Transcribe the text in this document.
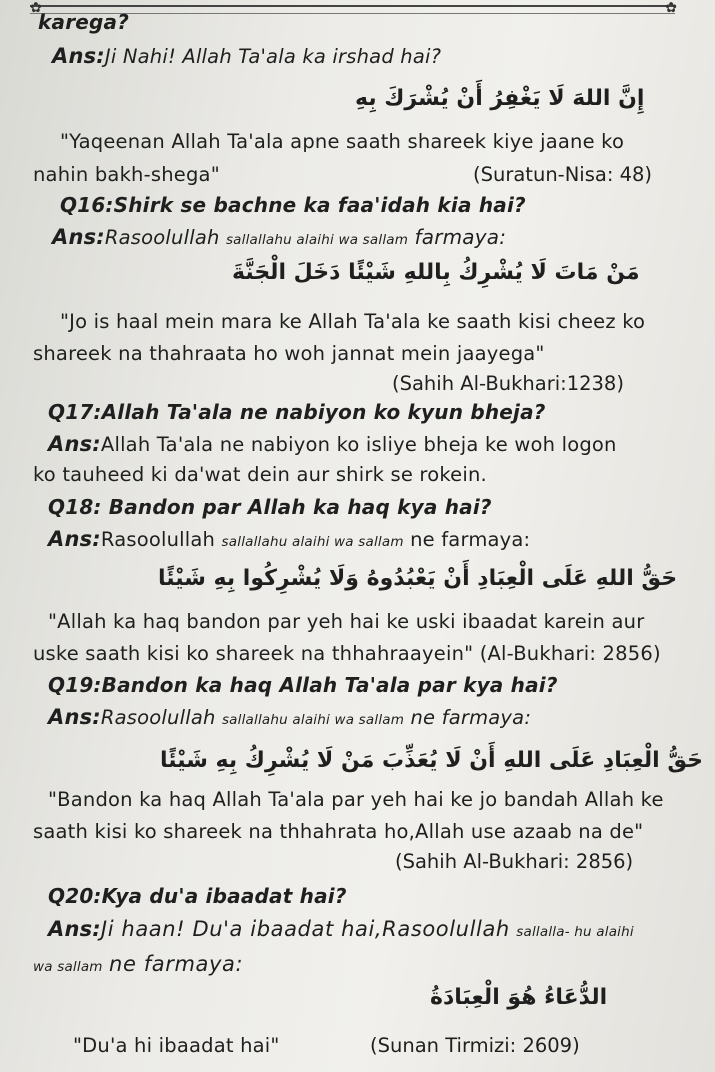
✿	✿
karega?
Ans:Ji Nahi! Allah Ta'ala ka irshad hai?
إِنَّ اللهَ لَا يَغْفِرُ أَنْ يُشْرَكَ بِهِ
"Yaqeenan Allah Ta'ala apne saath shareek kiye jaane ko
nahin bakh-shega"	(Suratun-Nisa: 48)
Q16:Shirk se bachne ka faa'idah kia hai?
Ans:Rasoolullah sallallahu alaihi wa sallam farmaya:
مَنْ مَاتَ لَا يُشْرِكُ بِاللهِ شَيْئًا دَخَلَ الْجَنَّةَ
"Jo is haal mein mara ke Allah Ta'ala ke saath kisi cheez ko
shareek na thahraata ho woh jannat mein jaayega"
(Sahih Al-Bukhari:1238)
Q17:Allah Ta'ala ne nabiyon ko kyun bheja?
Ans:Allah Ta'ala ne nabiyon ko isliye bheja ke woh logon
ko tauheed ki da'wat dein aur shirk se rokein.
Q18: Bandon par Allah ka haq kya hai?
Ans:Rasoolullah sallallahu alaihi wa sallam ne farmaya:
حَقُّ اللهِ عَلَى الْعِبَادِ أَنْ يَعْبُدُوهُ وَلَا يُشْرِكُوا بِهِ شَيْئًا
"Allah ka haq bandon par yeh hai ke uski ibaadat karein aur
uske saath kisi ko shareek na thhahraayein" (Al-Bukhari: 2856)
Q19:Bandon ka haq Allah Ta'ala par kya hai?
Ans:Rasoolullah sallallahu alaihi wa sallam ne farmaya:
حَقُّ الْعِبَادِ عَلَى اللهِ أَنْ لَا يُعَذِّبَ مَنْ لَا يُشْرِكُ بِهِ شَيْئًا
"Bandon ka haq Allah Ta'ala par yeh hai ke jo bandah Allah ke
saath kisi ko shareek na thhahrata ho,Allah use azaab na de"
(Sahih Al-Bukhari: 2856)
Q20:Kya du'a ibaadat hai?
Ans:Ji haan! Du'a ibaadat hai,Rasoolullah sallalla- hu alaihi
wa sallam ne farmaya:
الدُّعَاءُ هُوَ الْعِبَادَةُ
"Du'a hi ibaadat hai"	(Sunan Tirmizi: 2609)
